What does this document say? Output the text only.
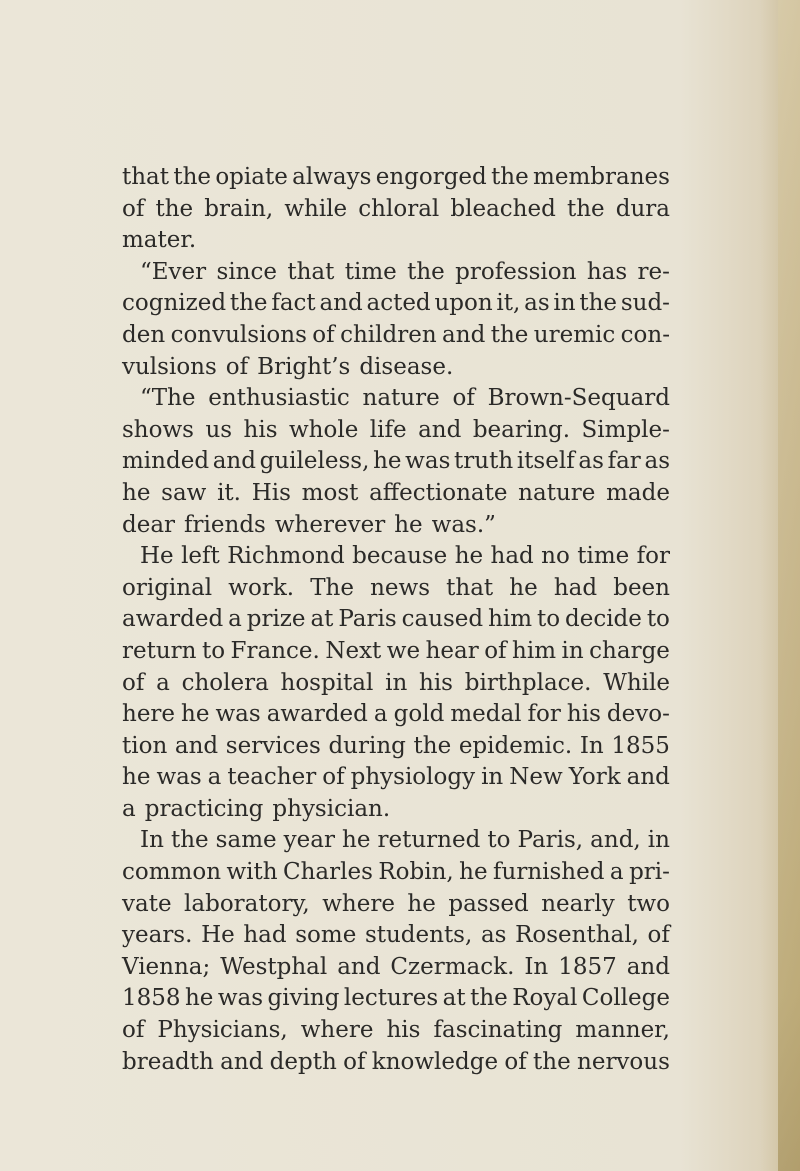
that the opiate always engorged the membranes
of the brain, while chloral bleached the dura
mater.
“Ever since that time the profession has re-
cognized the fact and acted upon it, as in the sud-
den convulsions of children and the uremic con-
vulsions of Bright’s disease.
“The enthusiastic nature of Brown-Sequard
shows us his whole life and bearing. Simple-
minded and guileless, he was truth itself as far as
he saw it. His most affectionate nature made
dear friends wherever he was.”
He left Richmond because he had no time for
original work. The news that he had been
awarded a prize at Paris caused him to decide to
return to France. Next we hear of him in charge
of a cholera hospital in his birthplace. While
here he was awarded a gold medal for his devo-
tion and services during the epidemic. In 1855
he was a teacher of physiology in New York and
a practicing physician.
In the same year he returned to Paris, and, in
common with Charles Robin, he furnished a pri-
vate laboratory, where he passed nearly two
years. He had some students, as Rosenthal, of
Vienna; Westphal and Czermack. In 1857 and
1858 he was giving lectures at the Royal College
of Physicians, where his fascinating manner,
breadth and depth of knowledge of the nervous
